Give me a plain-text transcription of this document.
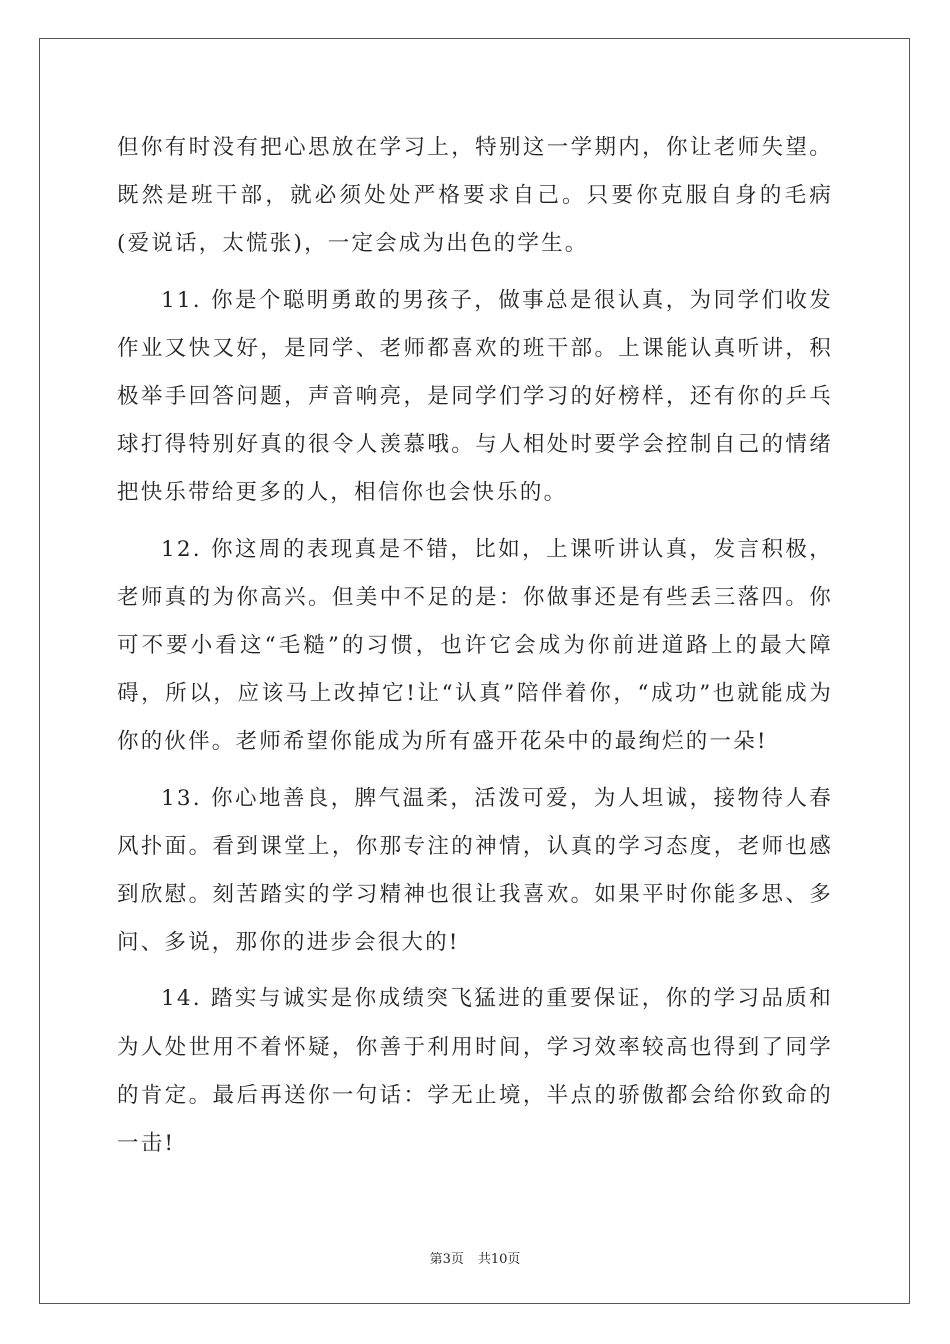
但你有时没有把心思放在学习上，特别这一学期内，你让老师失望。既然是班干部，就必须处处严格要求自己。只要你克服自身的毛病(爱说话，太慌张)，一定会成为出色的学生。

11. 你是个聪明勇敢的男孩子，做事总是很认真，为同学们收发作业又快又好，是同学、老师都喜欢的班干部。上课能认真听讲，积极举手回答问题，声音响亮，是同学们学习的好榜样，还有你的乒乓球打得特别好真的很令人羡慕哦。与人相处时要学会控制自己的情绪把快乐带给更多的人，相信你也会快乐的。

12. 你这周的表现真是不错，比如，上课听讲认真，发言积极，老师真的为你高兴。但美中不足的是：你做事还是有些丢三落四。你可不要小看这“毛糙”的习惯，也许它会成为你前进道路上的最大障碍，所以，应该马上改掉它!让“认真”陪伴着你，“成功”也就能成为你的伙伴。老师希望你能成为所有盛开花朵中的最绚烂的一朵!

13. 你心地善良，脾气温柔，活泼可爱，为人坦诚，接物待人春风扑面。看到课堂上，你那专注的神情，认真的学习态度，老师也感到欣慰。刻苦踏实的学习精神也很让我喜欢。如果平时你能多思、多问、多说，那你的进步会很大的!

14. 踏实与诚实是你成绩突飞猛进的重要保证，你的学习品质和为人处世用不着怀疑，你善于利用时间，学习效率较高也得到了同学的肯定。最后再送你一句话：学无止境，半点的骄傲都会给你致命的一击!

第3页 共10页
